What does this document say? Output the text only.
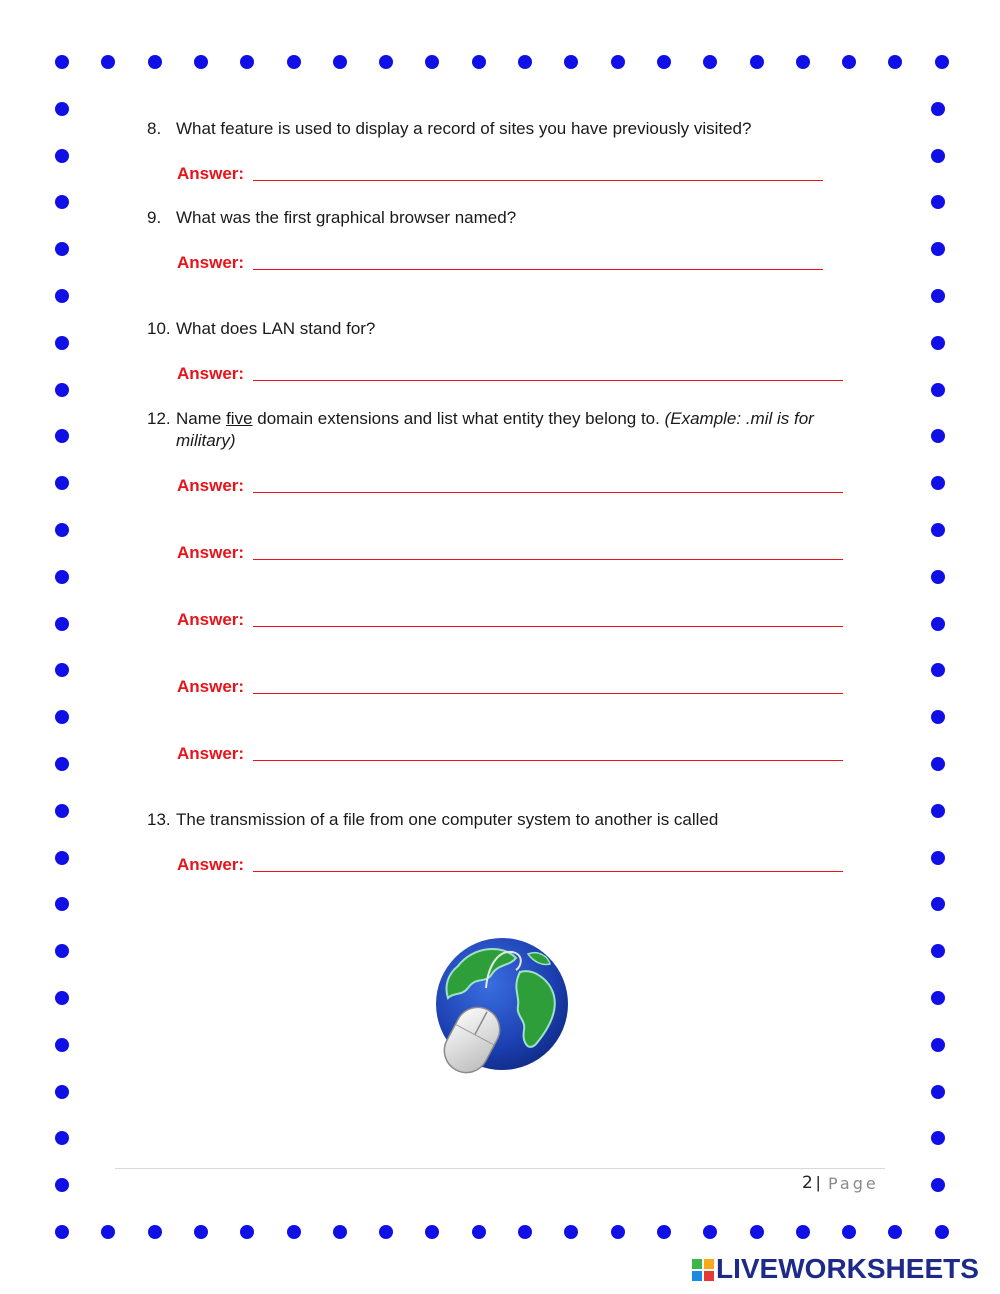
8. What feature is used to display a record of sites you have previously visited?
Answer:
9. What was the first graphical browser named?
Answer:
10. What does LAN stand for?
Answer:
12. Name five domain extensions and list what entity they belong to. (Example: .mil is for military)
Answer:
Answer:
Answer:
Answer:
Answer:
13. The transmission of a file from one computer system to another is called
Answer:
2 | Page
LIVEWORKSHEETS
